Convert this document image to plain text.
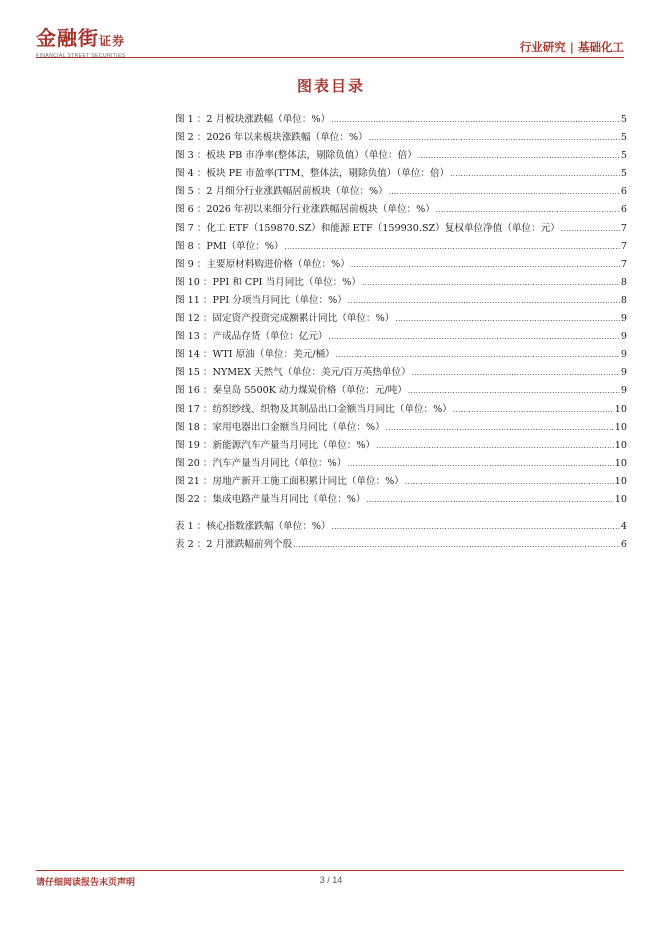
金融街证券
FINANCIAL STREET SECURITIES
行业研究 | 基础化工
图表目录
图 1 ：2 月板块涨跌幅（单位：%） .....	5
图 2 ：2026 年以来板块涨跌幅（单位：%） .....	5
图 3 ：板块 PB 市净率(整体法，剔除负值）（单位：倍） .....	5
图 4 ：板块 PE 市盈率(TTM、整体法，剔除负值）（单位：倍） .....	5
图 5 ：2 月细分行业涨跌幅居前板块（单位：%） .....	6
图 6 ：2026 年初以来细分行业涨跌幅居前板块（单位：%） .....	6
图 7 ：化工 ETF（159870.SZ）和能源 ETF（159930.SZ）复权单位净值（单位：元） .....	7
图 8 ：PMI（单位：%） .....	7
图 9 ：主要原材料购进价格（单位：%） .....	7
图 10 ：PPI 和 CPI 当月同比（单位：%） .....	8
图 11 ：PPI 分项当月同比（单位：%） .....	8
图 12 ：固定资产投资完成额累计同比（单位：%） .....	9
图 13 ：产成品存货（单位：亿元） .....	9
图 14 ：WTI 原油（单位：美元/桶） .....	9
图 15 ：NYMEX 天然气（单位：美元/百万英热单位） .....	9
图 16 ：秦皇岛 5500K 动力煤炭价格（单位：元/吨） .....	9
图 17 ：纺织纱线、织物及其制品出口金额当月同比（单位：%） .....	10
图 18 ：家用电器出口金额当月同比（单位：%） .....	10
图 19 ：新能源汽车产量当月同比（单位：%） .....	10
图 20 ：汽车产量当月同比（单位：%） .....	10
图 21 ：房地产新开工施工面积累计同比（单位：%） .....	10
图 22 ：集成电路产量当月同比（单位：%） .....	10
表 1 ：核心指数涨跌幅（单位：%） .....	4
表 2 ：2 月涨跌幅前列个股 .....	6
请仔细阅读报告末页声明	3 / 14
